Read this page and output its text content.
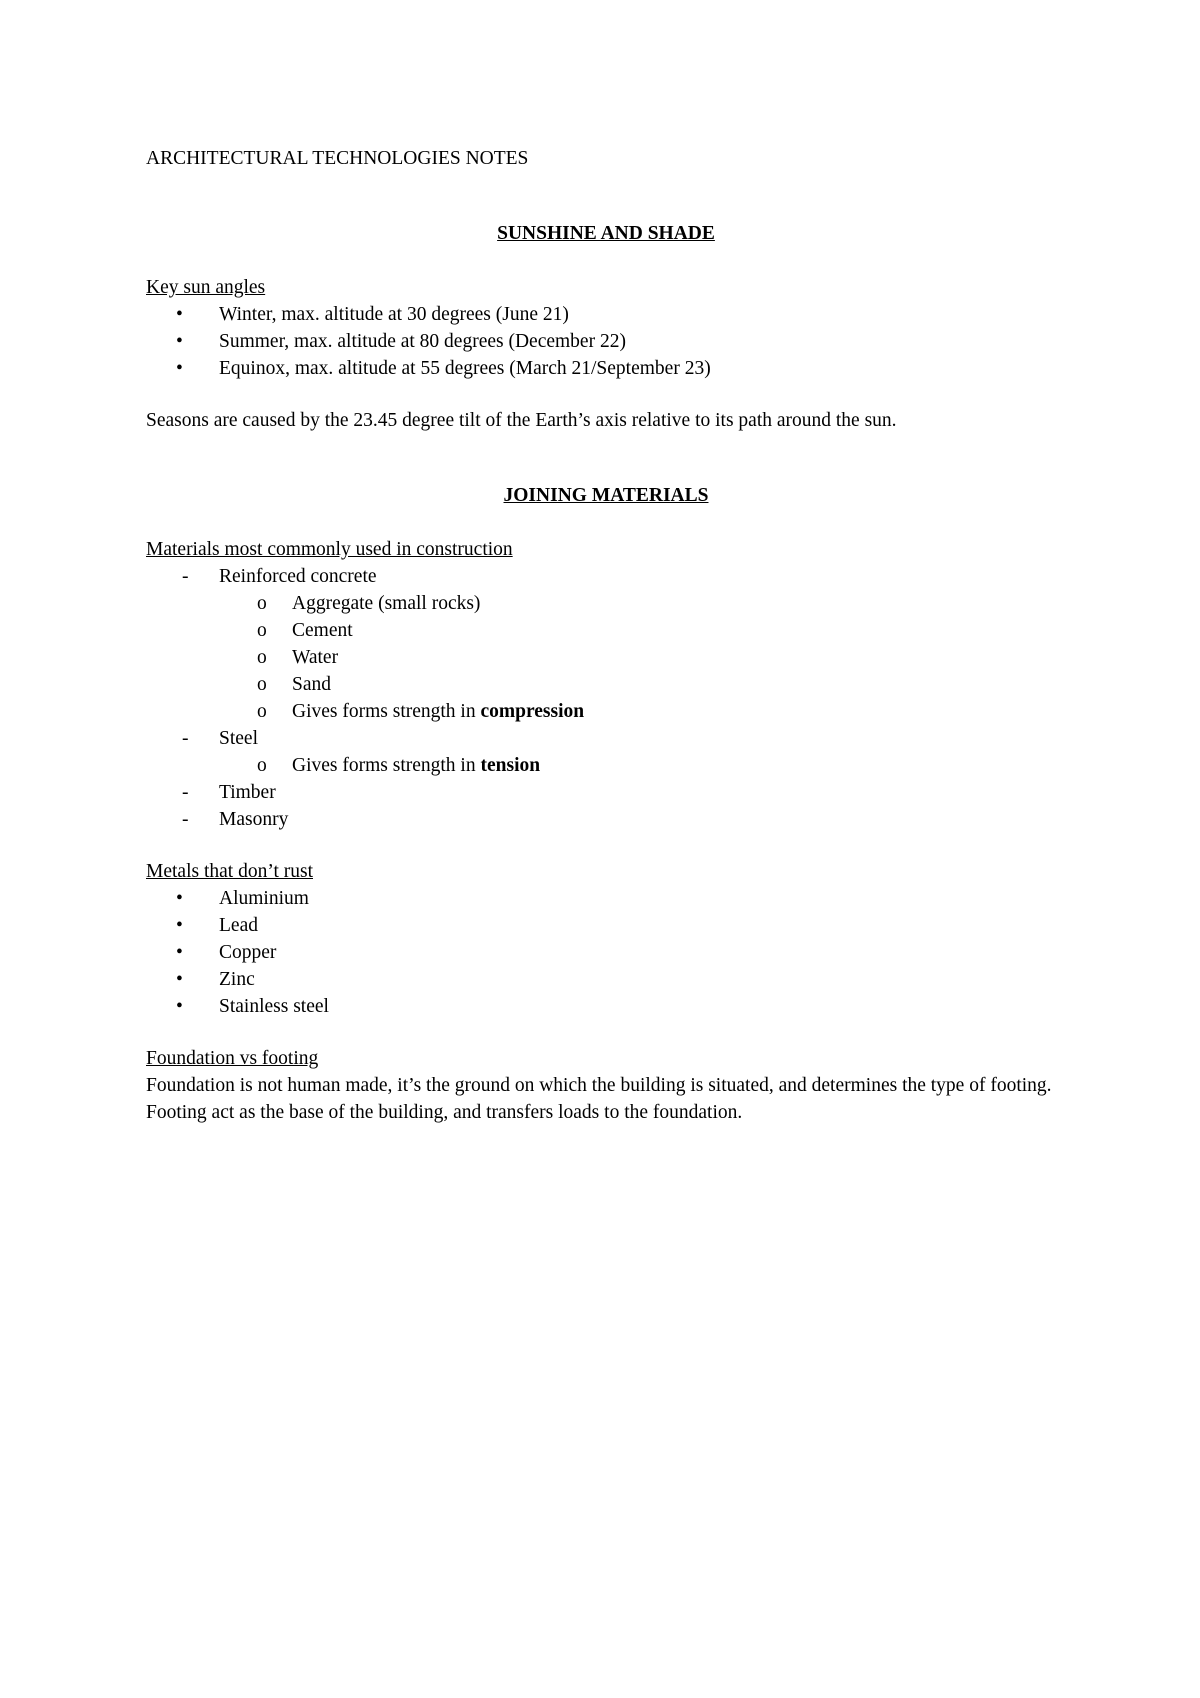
ARCHITECTURAL TECHNOLOGIES NOTES

SUNSHINE AND SHADE

Key sun angles

•	Winter, max. altitude at 30 degrees (June 21)
•	Summer, max. altitude at 80 degrees (December 22)
•	Equinox, max. altitude at 55 degrees (March 21/September 23)

Seasons are caused by the 23.45 degree tilt of the Earth’s axis relative to its path around the sun.

JOINING MATERIALS

Materials most commonly used in construction

-	Reinforced concrete
o	Aggregate (small rocks)
o	Cement
o	Water
o	Sand
o	Gives forms strength in compression
-	Steel
o	Gives forms strength in tension
-	Timber
-	Masonry

Metals that don’t rust

•	Aluminium
•	Lead
•	Copper
•	Zinc
•	Stainless steel

Foundation vs footing

Foundation is not human made, it’s the ground on which the building is situated, and determines the type of footing.

Footing act as the base of the building, and transfers loads to the foundation.
